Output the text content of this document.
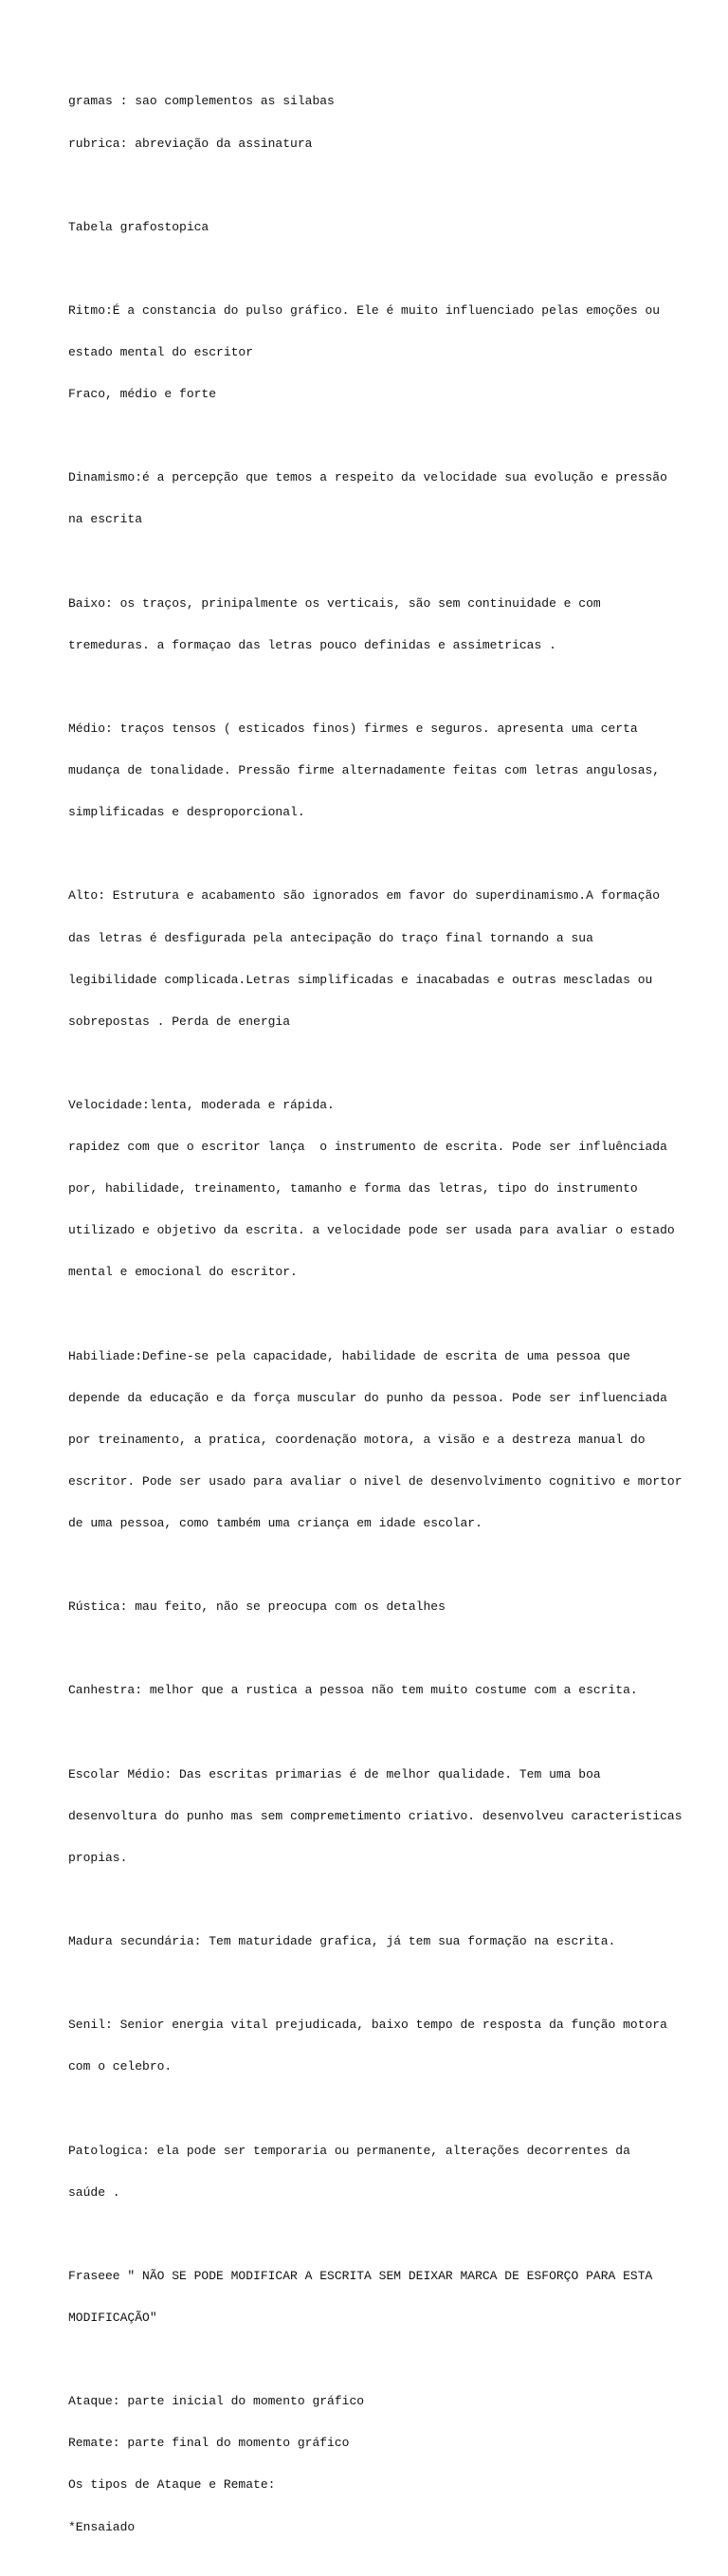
gramas : sao complementos as silabas

rubrica: abreviação da assinatura

Tabela grafostopica

Ritmo:É a constancia do pulso gráfico. Ele é muito influenciado pelas emoções ou

estado mental do escritor

Fraco, médio e forte

Dinamismo:é a percepção que temos a respeito da velocidade sua evolução e pressão

na escrita

Baixo: os traços, prinipalmente os verticais, são sem continuidade e com

tremeduras. a formaçao das letras pouco definidas e assimetricas .

Médio: traços tensos ( esticados finos) firmes e seguros. apresenta uma certa

mudança de tonalidade. Pressão firme alternadamente feitas com letras angulosas,

simplificadas e desproporcional.

Alto: Estrutura e acabamento são ignorados em favor do superdinamismo.A formação

das letras é desfigurada pela antecipação do traço final tornando a sua

legibilidade complicada.Letras simplificadas e inacabadas e outras mescladas ou

sobrepostas . Perda de energia

Velocidade:lenta, moderada e rápida.

rapidez com que o escritor lança  o instrumento de escrita. Pode ser influênciada

por, habilidade, treinamento, tamanho e forma das letras, tipo do instrumento

utilizado e objetivo da escrita. a velocidade pode ser usada para avaliar o estado

mental e emocional do escritor.

Habiliade:Define-se pela capacidade, habilidade de escrita de uma pessoa que

depende da educação e da força muscular do punho da pessoa. Pode ser influenciada

por treinamento, a pratica, coordenação motora, a visão e a destreza manual do

escritor. Pode ser usado para avaliar o nivel de desenvolvimento cognitivo e mortor

de uma pessoa, como também uma criança em idade escolar.

Rústica: mau feito, não se preocupa com os detalhes

Canhestra: melhor que a rustica a pessoa não tem muito costume com a escrita.

Escolar Médio: Das escritas primarias é de melhor qualidade. Tem uma boa

desenvoltura do punho mas sem compremetimento criativo. desenvolveu caracteristicas

propias.

Madura secundária: Tem maturidade grafica, já tem sua formação na escrita.

Senil: Senior energia vital prejudicada, baixo tempo de resposta da função motora

com o celebro.

Patologica: ela pode ser temporaria ou permanente, alterações decorrentes da

saúde .

Fraseee " NÃO SE PODE MODIFICAR A ESCRITA SEM DEIXAR MARCA DE ESFORÇO PARA ESTA

MODIFICAÇÃO"

Ataque: parte inicial do momento gráfico

Remate: parte final do momento gráfico

Os tipos de Ataque e Remate:

*Ensaiado
